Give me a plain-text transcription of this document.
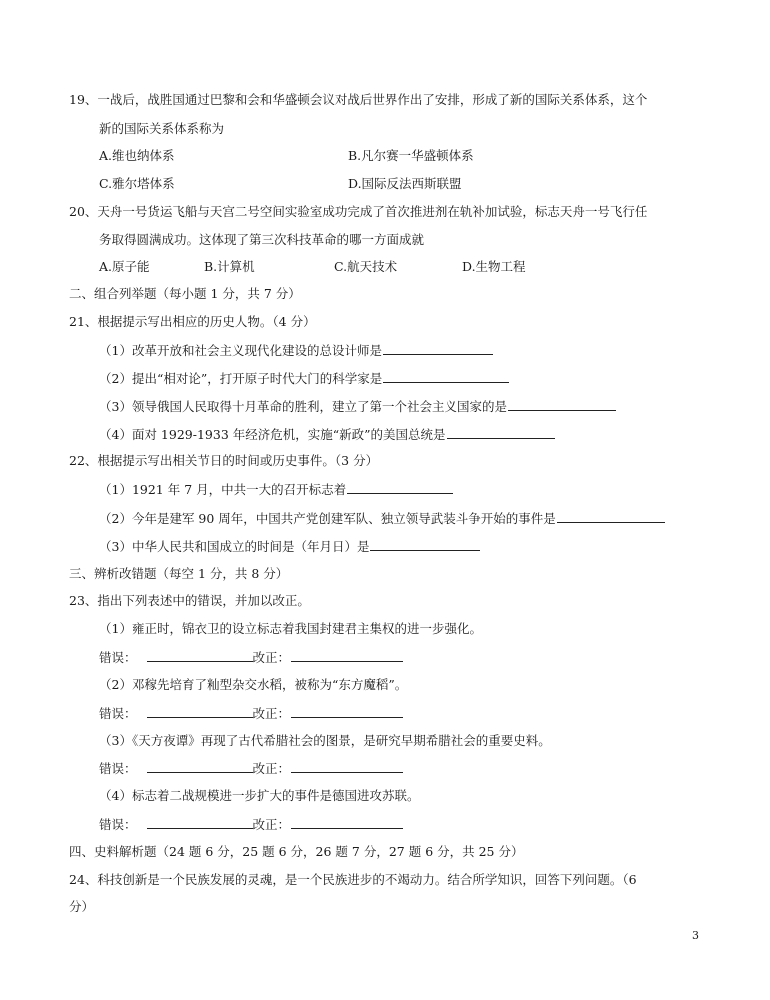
19、一战后，战胜国通过巴黎和会和华盛顿会议对战后世界作出了安排，形成了新的国际关系体系，这个
新的国际关系体系称为
A.维也纳体系	B.凡尔赛一华盛顿体系
C.雅尔塔体系	D.国际反法西斯联盟
20、天舟一号货运飞船与天宫二号空间实验室成功完成了首次推进剂在轨补加试验，标志天舟一号飞行任
务取得圆满成功。这体现了第三次科技革命的哪一方面成就
A.原子能	B.计算机	C.航天技术	D.生物工程
二、组合列举题（每小题 1 分，共 7 分）
21、根据提示写出相应的历史人物。（4 分）
（1）改革开放和社会主义现代化建设的总设计师是
（2）提出“相对论”，打开原子时代大门的科学家是
（3）领导俄国人民取得十月革命的胜利，建立了第一个社会主义国家的是
（4）面对 1929-1933 年经济危机，实施“新政”的美国总统是
22、根据提示写出相关节日的时间或历史事件。（3 分）
（1）1921 年 7 月，中共一大的召开标志着
（2）今年是建军 90 周年，中国共产党创建军队、独立领导武装斗争开始的事件是
（3）中华人民共和国成立的时间是（年月日）是
三、辨析改错题（每空 1 分，共 8 分）
23、指出下列表述中的错误，并加以改正。
（1）雍正时，锦衣卫的设立标志着我国封建君主集权的进一步强化。
错误：	改正：
（2）邓稼先培育了籼型杂交水稻，被称为“东方魔稻”。
错误：	改正：
（3）《天方夜谭》再现了古代希腊社会的图景，是研究早期希腊社会的重要史料。
错误：	改正：
（4）标志着二战规模进一步扩大的事件是德国进攻苏联。
错误：	改正：
四、史料解析题（24 题 6 分，25 题 6 分，26 题 7 分，27 题 6 分，共 25 分）
24、科技创新是一个民族发展的灵魂，是一个民族进步的不竭动力。结合所学知识，回答下列问题。（6
分）
3
